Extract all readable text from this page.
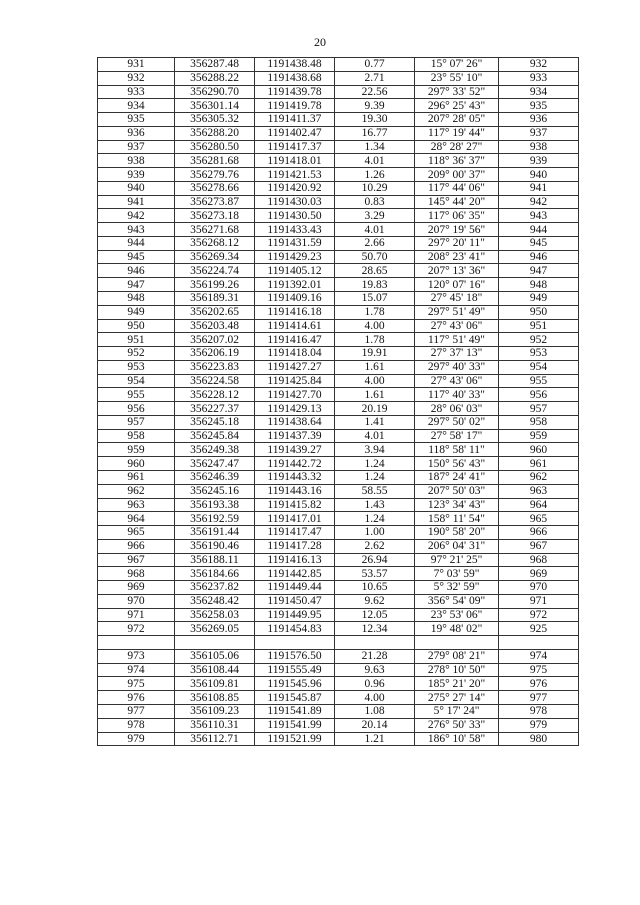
20
931	356287.48	1191438.48	0.77	15° 07' 26"	932
932	356288.22	1191438.68	2.71	23° 55' 10"	933
933	356290.70	1191439.78	22.56	297° 33' 52"	934
934	356301.14	1191419.78	9.39	296° 25' 43"	935
935	356305.32	1191411.37	19.30	207° 28' 05"	936
936	356288.20	1191402.47	16.77	117° 19' 44"	937
937	356280.50	1191417.37	1.34	28° 28' 27"	938
938	356281.68	1191418.01	4.01	118° 36' 37"	939
939	356279.76	1191421.53	1.26	209° 00' 37"	940
940	356278.66	1191420.92	10.29	117° 44' 06"	941
941	356273.87	1191430.03	0.83	145° 44' 20"	942
942	356273.18	1191430.50	3.29	117° 06' 35"	943
943	356271.68	1191433.43	4.01	207° 19' 56"	944
944	356268.12	1191431.59	2.66	297° 20' 11"	945
945	356269.34	1191429.23	50.70	208° 23' 41"	946
946	356224.74	1191405.12	28.65	207° 13' 36"	947
947	356199.26	1191392.01	19.83	120° 07' 16"	948
948	356189.31	1191409.16	15.07	27° 45' 18"	949
949	356202.65	1191416.18	1.78	297° 51' 49"	950
950	356203.48	1191414.61	4.00	27° 43' 06"	951
951	356207.02	1191416.47	1.78	117° 51' 49"	952
952	356206.19	1191418.04	19.91	27° 37' 13"	953
953	356223.83	1191427.27	1.61	297° 40' 33"	954
954	356224.58	1191425.84	4.00	27° 43' 06"	955
955	356228.12	1191427.70	1.61	117° 40' 33"	956
956	356227.37	1191429.13	20.19	28° 06' 03"	957
957	356245.18	1191438.64	1.41	297° 50' 02"	958
958	356245.84	1191437.39	4.01	27° 58' 17"	959
959	356249.38	1191439.27	3.94	118° 58' 11"	960
960	356247.47	1191442.72	1.24	150° 56' 43"	961
961	356246.39	1191443.32	1.24	187° 24' 41"	962
962	356245.16	1191443.16	58.55	207° 50' 03"	963
963	356193.38	1191415.82	1.43	123° 34' 43"	964
964	356192.59	1191417.01	1.24	158° 11' 54"	965
965	356191.44	1191417.47	1.00	190° 58' 20"	966
966	356190.46	1191417.28	2.62	206° 04' 31"	967
967	356188.11	1191416.13	26.94	97° 21' 25"	968
968	356184.66	1191442.85	53.57	7° 03' 59"	969
969	356237.82	1191449.44	10.65	5° 32' 59"	970
970	356248.42	1191450.47	9.62	356° 54' 09"	971
971	356258.03	1191449.95	12.05	23° 53' 06"	972
972	356269.05	1191454.83	12.34	19° 48' 02"	925

973	356105.06	1191576.50	21.28	279° 08' 21"	974
974	356108.44	1191555.49	9.63	278° 10' 50"	975
975	356109.81	1191545.96	0.96	185° 21' 20"	976
976	356108.85	1191545.87	4.00	275° 27' 14"	977
977	356109.23	1191541.89	1.08	5° 17' 24"	978
978	356110.31	1191541.99	20.14	276° 50' 33"	979
979	356112.71	1191521.99	1.21	186° 10' 58"	980
